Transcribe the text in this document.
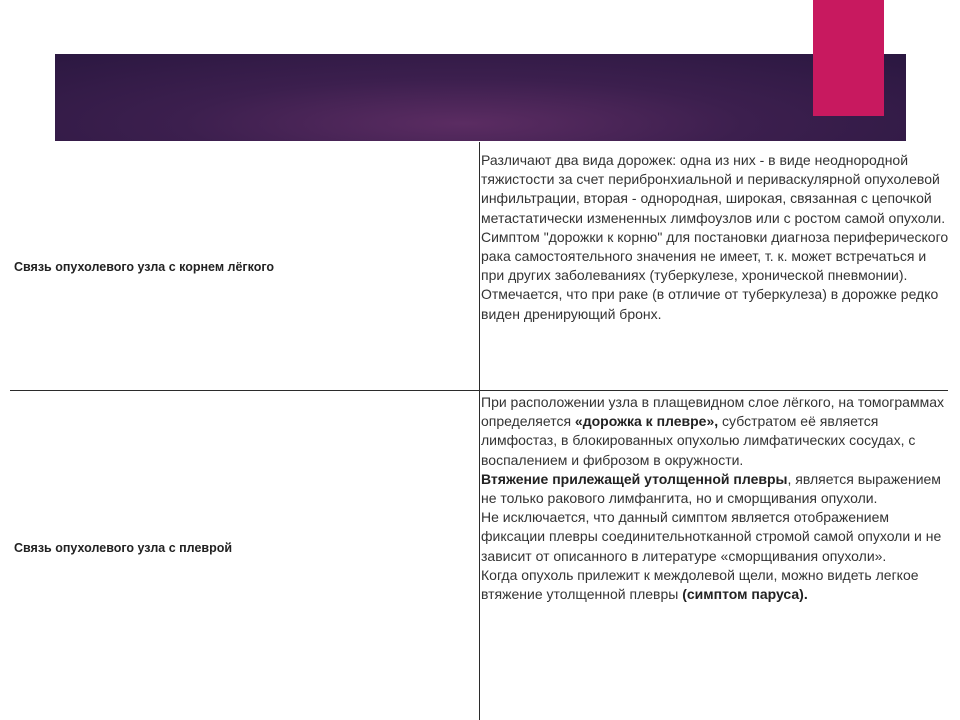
Связь опухолевого узла с корнем лёгкого

Различают два вида дорожек: одна из них - в виде неоднородной тяжистости за счет перибронхиальной и периваскулярной опухолевой инфильтрации, вторая - однородная, широкая, связанная с цепочкой метастатически измененных лимфоузлов или с ростом самой опухоли. Симптом "дорожки к корню" для постановки диагноза периферического рака самостоятельного значения не имеет, т. к. может встречаться и при других заболеваниях (туберкулезе, хронической пневмонии). Отмечается, что при раке (в отличие от туберкулеза) в дорожке редко виден дренирующий бронх.

Связь опухолевого узла с плеврой

При расположении узла в плащевидном слое лёгкого, на томограммах определяется «дорожка к плевре», субстратом её является лимфостаз, в блокированных опухолью лимфатических сосудах, с воспалением и фиброзом в окружности.

Втяжение прилежащей утолщенной плевры, является выражением не только ракового лимфангита, но и сморщивания опухоли.

Не исключается, что данный симптом является отображением фиксации плевры соединительнотканной стромой самой опухоли и не зависит от описанного в литературе «сморщивания опухоли».

Когда опухоль прилежит к междолевой щели, можно видеть легкое втяжение утолщенной плевры (симптом паруса).
